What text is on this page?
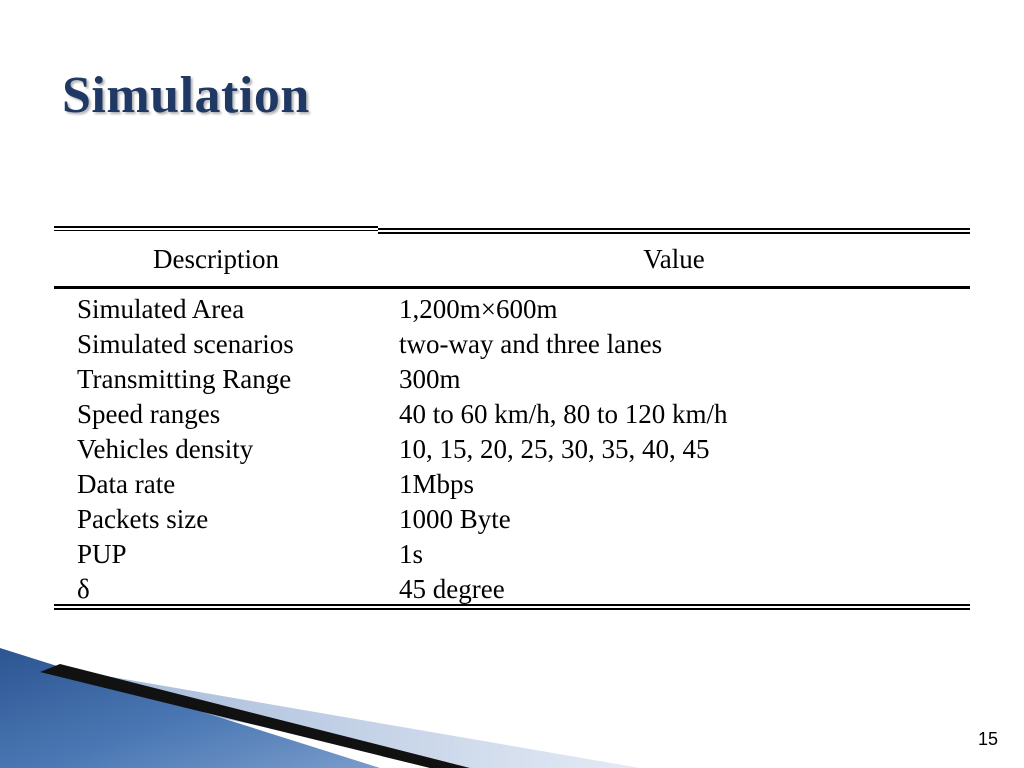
Simulation
Description	Value
Simulated Area	1,200m×600m
Simulated scenarios	two-way and three lanes
Transmitting Range	300m
Speed ranges	40 to 60 km/h, 80 to 120 km/h
Vehicles density	10, 15, 20, 25, 30, 35, 40, 45
Data rate	1Mbps
Packets size	1000 Byte
PUP	1s
δ	45 degree
15
